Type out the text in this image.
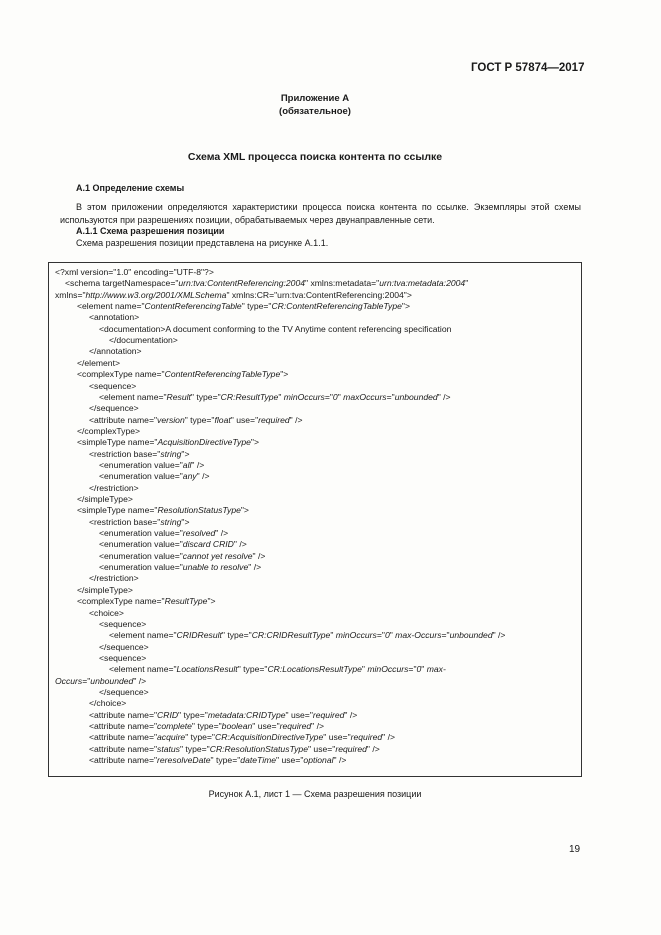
ГОСТ Р 57874—2017
Приложение А
(обязательное)
Схема XML процесса поиска контента по ссылке
А.1 Определение схемы
В этом приложении определяются характеристики процесса поиска контента по ссылке. Экземпляры этой схемы используются при разрешениях позиции, обрабатываемых через двунаправленные сети.
А.1.1 Схема разрешения позиции
Схема разрешения позиции представлена на рисунке А.1.1.
<?xml version="1.0" encoding="UTF-8"?>
<schema targetNamespace="urn:tva:ContentReferencing:2004" xmlns:metadata="urn:tva:metadata:2004"
xmlns="http://www.w3.org/2001/XMLSchema" xmlns:CR="urn:tva:ContentReferencing:2004">
<element name="ContentReferencingTable" type="CR:ContentReferencingTableType">
<annotation>
<documentation>A document conforming to the TV Anytime content referencing specification
</documentation>
</annotation>
</element>
<complexType name="ContentReferencingTableType">
<sequence>
<element name="Result" type="CR:ResultType" minOccurs="0" maxOccurs="unbounded" />
</sequence>
<attribute name="version" type="float" use="required" />
</complexType>
<simpleType name="AcquisitionDirectiveType">
<restriction base="string">
<enumeration value="all" />
<enumeration value="any" />
</restriction>
</simpleType>
<simpleType name="ResolutionStatusType">
<restriction base="string">
<enumeration value="resolved" />
<enumeration value="discard CRID" />
<enumeration value="cannot yet resolve" />
<enumeration value="unable to resolve" />
</restriction>
</simpleType>
<complexType name="ResultType">
<choice>
<sequence>
<element name="CRIDResult" type="CR:CRIDResultType" minOccurs="0" max-Occurs="unbounded" />
</sequence>
<sequence>
<element name="LocationsResult" type="CR:LocationsResultType" minOccurs="0" max-
Occurs="unbounded" />
</sequence>
</choice>
<attribute name="CRID" type="metadata:CRIDType" use="required" />
<attribute name="complete" type="boolean" use="required" />
<attribute name="acquire" type="CR:AcquisitionDirectiveType" use="required" />
<attribute name="status" type="CR:ResolutionStatusType" use="required" />
<attribute name="reresolveDate" type="dateTime" use="optional" />
Рисунок А.1, лист 1 — Схема разрешения позиции
19
